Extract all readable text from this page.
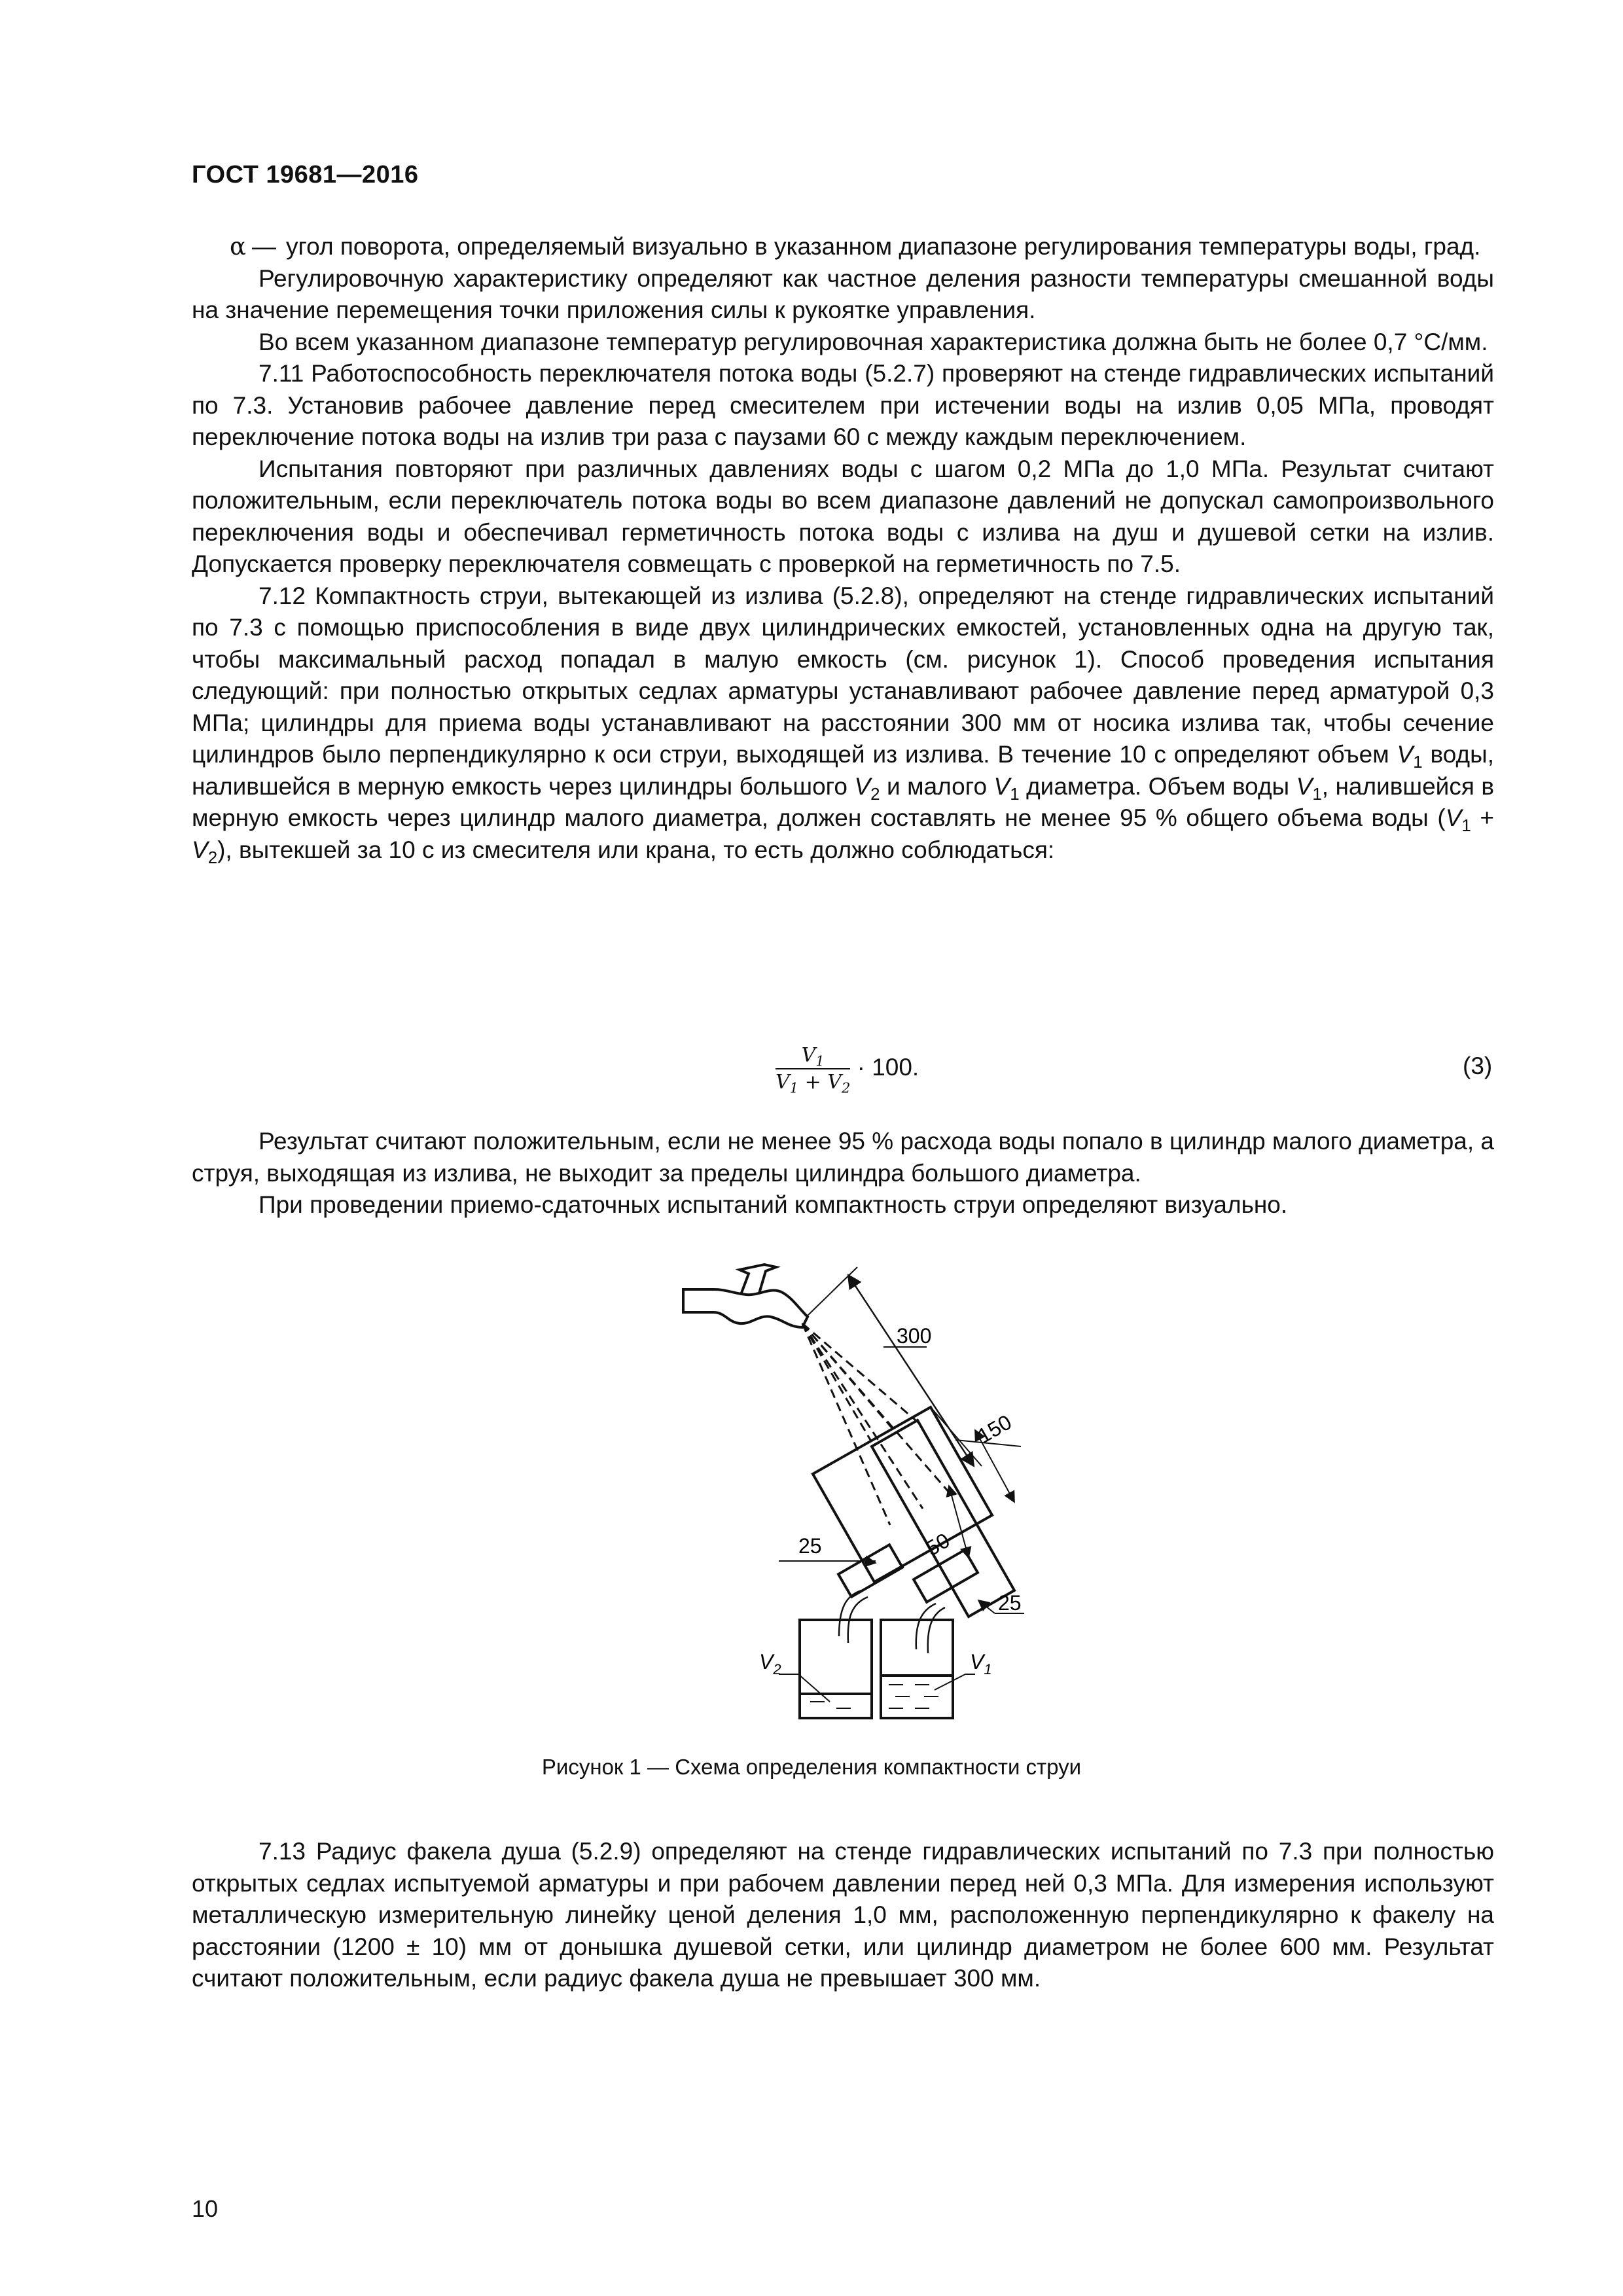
ГОСТ 19681—2016
α — угол поворота, определяемый визуально в указанном диапазоне регулирования температуры воды, град.

Регулировочную характеристику определяют как частное деления разности температуры смешанной воды на значение перемещения точки приложения силы к рукоятке управления.

Во всем указанном диапазоне температур регулировочная характеристика должна быть не более 0,7 °С/мм.

7.11 Работоспособность переключателя потока воды (5.2.7) проверяют на стенде гидравлических испытаний по 7.3. Установив рабочее давление перед смесителем при истечении воды на излив 0,05 МПа, проводят переключение потока воды на излив три раза с паузами 60 с между каждым переключением.

Испытания повторяют при различных давлениях воды с шагом 0,2 МПа до 1,0 МПа. Результат считают положительным, если переключатель потока воды во всем диапазоне давлений не допускал самопроизвольного переключения воды и обеспечивал герметичность потока воды с излива на душ и душевой сетки на излив. Допускается проверку переключателя совмещать с проверкой на герметичность по 7.5.

7.12 Компактность струи, вытекающей из излива (5.2.8), определяют на стенде гидравлических испытаний по 7.3 с помощью приспособления в виде двух цилиндрических емкостей, установленных одна на другую так, чтобы максимальный расход попадал в малую емкость (см. рисунок 1). Способ проведения испытания следующий: при полностью открытых седлах арматуры устанавливают рабочее давление перед арматурой 0,3 МПа; цилиндры для приема воды устанавливают на расстоянии 300 мм от носика излива так, чтобы сечение цилиндров было перпендикулярно к оси струи, выходящей из излива. В течение 10 с определяют объем $V_1$ воды, налившейся в мерную емкость через цилиндры большого $V_2$ и малого $V_1$ диаметра. Объем воды $V_1$, налившейся в мерную емкость через цилиндр малого диаметра, должен составлять не менее 95 % общего объема воды $(V_1 + V_2)$, вытекшей за 10 с из смесителя или крана, то есть должно соблюдаться:

$\frac{V_1}{V_1 + V_2} \cdot 100$.	(3)

Результат считают положительным, если не менее 95 % расхода воды попало в цилиндр малого диаметра, а струя, выходящая из излива, не выходит за пределы цилиндра большого диаметра.

При проведении приемо-сдаточных испытаний компактность струи определяют визуально.

300
150
50
25
25
$V_2$	$V_1$
Рисунок 1 — Схема определения компактности струи

7.13 Радиус факела душа (5.2.9) определяют на стенде гидравлических испытаний по 7.3 при полностью открытых седлах испытуемой арматуры и при рабочем давлении перед ней 0,3 МПа. Для измерения используют металлическую измерительную линейку ценой деления 1,0 мм, расположенную перпендикулярно к факелу на расстоянии (1200 ± 10) мм от донышка душевой сетки, или цилиндр диаметром не более 600 мм. Результат считают положительным, если радиус факела душа не превышает 300 мм.

10
